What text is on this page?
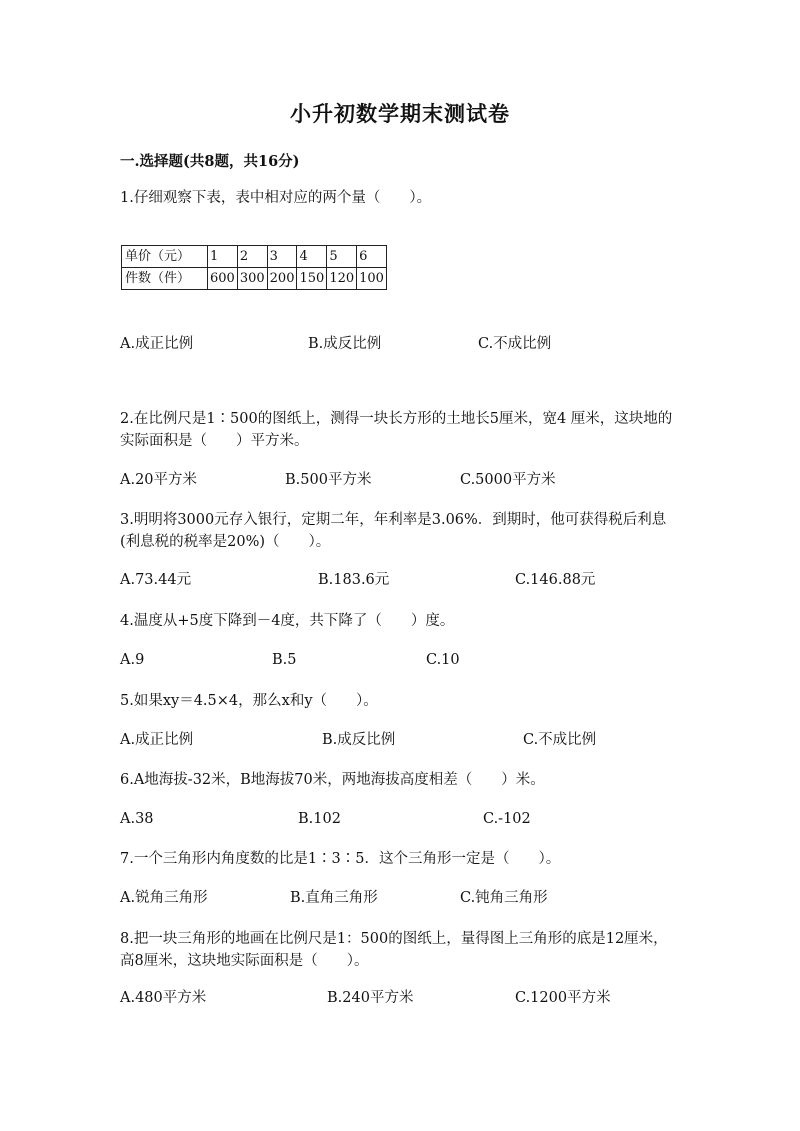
小升初数学期末测试卷
一.选择题(共8题，共16分)
1.仔细观察下表，表中相对应的两个量（　　）。
单价（元）	1	2	3	4	5	6
件数（件）	600	300	200	150	120	100
A.成正比例	B.成反比例	C.不成比例
2.在比例尺是1∶500的图纸上，测得一块长方形的土地长5厘米，宽4 厘米，这块地的实际面积是（　　）平方米。
A.20平方米	B.500平方米	C.5000平方米
3.明明将3000元存入银行，定期二年，年利率是3.06%．到期时，他可获得税后利息(利息税的税率是20%)（　　）。
A.73.44元	B.183.6元	C.146.88元
4.温度从+5度下降到－4度，共下降了（　　）度。
A.9	B.5	C.10
5.如果xy＝4.5×4，那么x和y（　　）。
A.成正比例	B.成反比例	C.不成比例
6.A地海拔-32米，B地海拔70米，两地海拔高度相差（　　）米。
A.38	B.102	C.-102
7.一个三角形内角度数的比是1∶3∶5．这个三角形一定是（　　）。
A.锐角三角形	B.直角三角形	C.钝角三角形
8.把一块三角形的地画在比例尺是1：500的图纸上，量得图上三角形的底是12厘米，高8厘米，这块地实际面积是（　　）。
A.480平方米	B.240平方米	C.1200平方米
